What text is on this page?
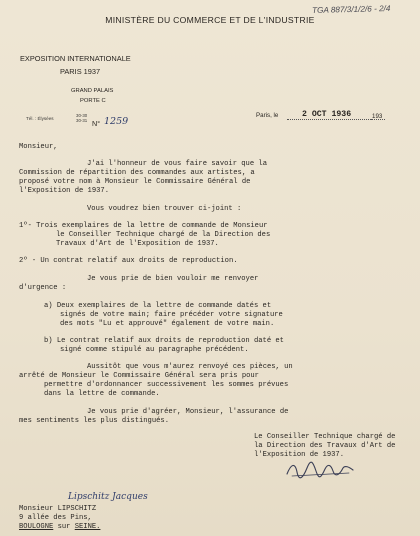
TGA 887/3/1/2/6 - 2/4
MINISTÈRE DU COMMERCE ET DE L'INDUSTRIE
EXPOSITION INTERNATIONALE
PARIS 1937
GRAND PALAIS
PORTE C
Tél. : Élysées
30-30
30-31 N° 1259
Paris, le	2 OCT 1936	193
Monsieur,
J'ai l'honneur de vous faire savoir que la
Commission de répartition des commandes aux artistes, a
proposé votre nom à Monsieur le Commissaire Général de
l'Exposition de 1937.
Vous voudrez bien trouver ci-joint :
1º- Trois exemplaires de la lettre de commande de Monsieur
le Conseiller Technique chargé de la Direction des
Travaux d'Art de l'Exposition de 1937.
2º - Un contrat relatif aux droits de reproduction.
Je vous prie de bien vouloir me renvoyer
d'urgence :
a) Deux exemplaires de la lettre de commande datés et
signés de votre main; faire précéder votre signature
des mots "Lu et approuvé" également de votre main.
b) Le contrat relatif aux droits de reproduction daté et
signé comme stipulé au paragraphe précédent.
Aussitôt que vous m'aurez renvoyé ces pièces, un
arrêté de Monsieur le Commissaire Général sera pris pour
permettre d'ordonnancer successivement les sommes prévues
dans la lettre de commande.
Je vous prie d'agréer, Monsieur, l'assurance de
mes sentiments les plus distingués.
Le Conseiller Technique chargé de
la Direction des Travaux d'Art de
l'Exposition de 1937.
Lipschitz Jacques
Monsieur LIPSCHITZ
9 allée des Pins,
BOULOGNE sur SEINE.
